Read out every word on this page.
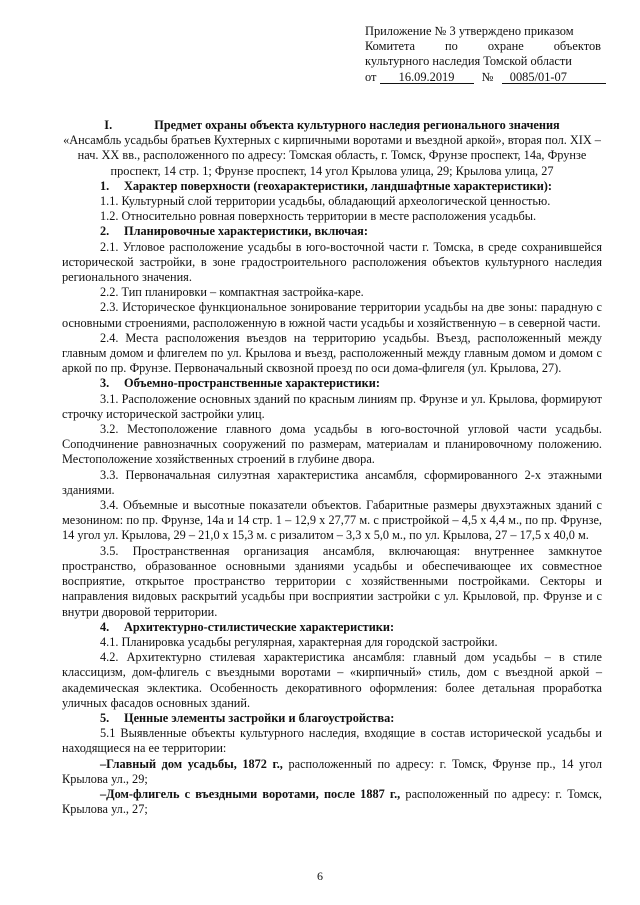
Приложение № 3 утверждено приказом
Комитета по охране объектов
культурного наследия Томской области
от 16.09.2019 № 0085/01-07

I.	Предмет охраны объекта культурного наследия регионального значения

«Ансамбль усадьбы братьев Кухтерных с кирпичными воротами и въездной аркой», вторая пол. XIX – нач. XX вв., расположенного по адресу: Томская область, г. Томск, Фрунзе проспект, 14а, Фрунзе проспект, 14 стр. 1; Фрунзе проспект, 14 угол Крылова улица, 29; Крылова улица, 27

1. Характер поверхности (геохарактеристики, ландшафтные характеристики):

1.1. Культурный слой территории усадьбы, обладающий археологической ценностью.

1.2. Относительно ровная поверхность территории в месте расположения усадьбы.

2. Планировочные характеристики, включая:

2.1. Угловое расположение усадьбы в юго-восточной части г. Томска, в среде сохранившейся исторической застройки, в зоне градостроительного расположения объектов культурного наследия регионального значения.

2.2. Тип планировки – компактная застройка-каре.

2.3. Историческое функциональное зонирование территории усадьбы на две зоны: парадную с основными строениями, расположенную в южной части усадьбы и хозяйственную – в северной части.

2.4. Места расположения въездов на территорию усадьбы. Въезд, расположенный между главным домом и флигелем по ул. Крылова и въезд, расположенный между главным домом и домом с аркой по пр. Фрунзе. Первоначальный сквозной проезд по оси дома-флигеля (ул. Крылова, 27).

3. Объемно-пространственные характеристики:

3.1. Расположение основных зданий по красным линиям пр. Фрунзе и ул. Крылова, формируют строчку исторической застройки улиц.

3.2. Местоположение главного дома усадьбы в юго-восточной угловой части усадьбы. Соподчинение равнозначных сооружений по размерам, материалам и планировочному положению. Местоположение хозяйственных строений в глубине двора.

3.3. Первоначальная силуэтная характеристика ансамбля, сформированного 2-х этажными зданиями.

3.4. Объемные и высотные показатели объектов. Габаритные размеры двухэтажных зданий с мезонином: по пр. Фрунзе, 14а и 14 стр. 1 – 12,9 х 27,77 м. с пристройкой – 4,5 х 4,4 м., по пр. Фрунзе, 14 угол ул. Крылова, 29 – 21,0 х 15,3 м. с ризалитом – 3,3 х 5,0 м., по ул. Крылова, 27 – 17,5 х 40,0 м.

3.5. Пространственная организация ансамбля, включающая: внутреннее замкнутое пространство, образованное основными зданиями усадьбы и обеспечивающее их совместное восприятие, открытое пространство территории с хозяйственными постройками. Секторы и направления видовых раскрытий усадьбы при восприятии застройки с ул. Крыловой, пр. Фрунзе и с внутри дворовой территории.

4. Архитектурно-стилистические характеристики:

4.1. Планировка усадьбы регулярная, характерная для городской застройки.

4.2. Архитектурно стилевая характеристика ансамбля: главный дом усадьбы – в стиле классицизм, дом-флигель с въездными воротами – «кирпичный» стиль, дом с въездной аркой – академическая эклектика. Особенность декоративного оформления: более детальная проработка уличных фасадов основных зданий.

5. Ценные элементы застройки и благоустройства:

5.1 Выявленные объекты культурного наследия, входящие в состав исторической усадьбы и находящиеся на ее территории:

–Главный дом усадьбы, 1872 г., расположенный по адресу: г. Томск, Фрунзе пр., 14 угол Крылова ул., 29;

–Дом-флигель с въездными воротами, после 1887 г., расположенный по адресу: г. Томск, Крылова ул., 27;

6
